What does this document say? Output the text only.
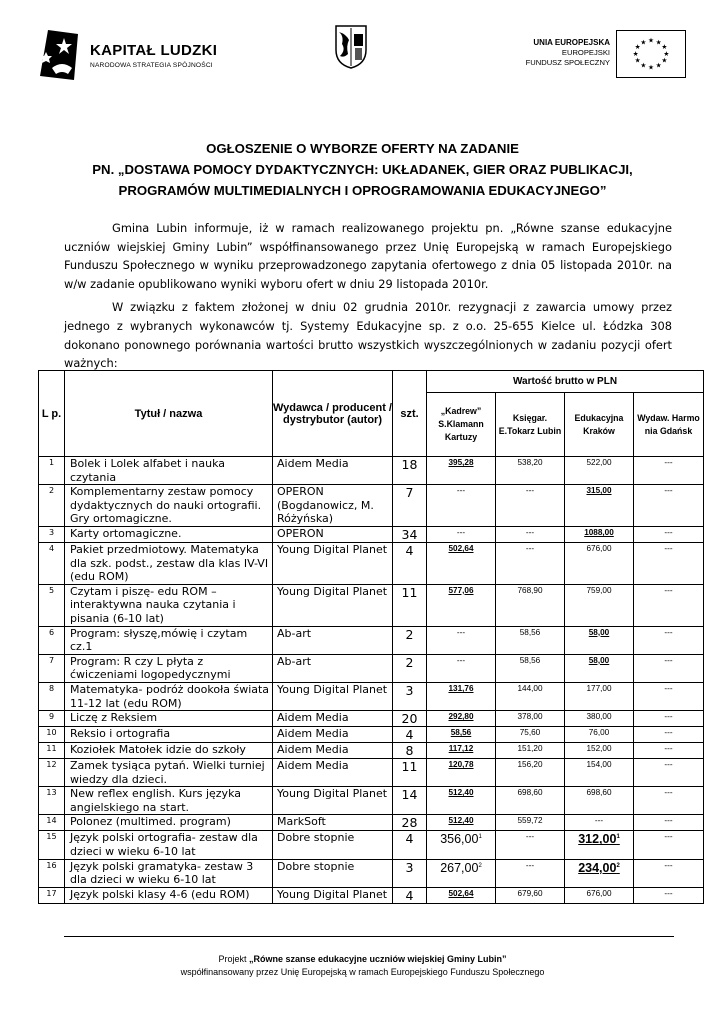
KAPITAŁ LUDZKI
NARODOWA STRATEGIA SPÓJNOŚCI
UNIA EUROPEJSKA
EUROPEJSKI
FUNDUSZ SPOŁECZNY
★ ★
★
★
★
★
★
★
★
★
★
★
OGŁOSZENIE O WYBORZE OFERTY NA ZADANIE
PN. „DOSTAWA POMOCY DYDAKTYCZNYCH: UKŁADANEK, GIER ORAZ PUBLIKACJI,
PROGRAMÓW MULTIMEDIALNYCH I OPROGRAMOWANIA EDUKACYJNEGO”

Gmina Lubin informuje, iż w ramach realizowanego projektu pn. „Równe szanse edukacyjne uczniów wiejskiej Gminy Lubin” współfinansowanego przez Unię Europejską w ramach Europejskiego Funduszu Społecznego w wyniku przeprowadzonego zapytania ofertowego z dnia 05 listopada 2010r. na w/w zadanie opublikowano wyniki wyboru ofert w dniu 29 listopada 2010r.

W związku z faktem złożonej w dniu 02 grudnia 2010r. rezygnacji z zawarcia umowy przez jednego z wybranych wykonawców tj. Systemy Edukacyjne sp. z o.o. 25-655 Kielce ul. Łódzka 308 dokonano ponownego porównania wartości brutto wszystkich wyszczególnionych w zadaniu pozycji ofert ważnych:

L p.	Tytuł / nazwa	Wydawca / producent / dystrybutor (autor)	szt.	Wartość brutto w PLN			
				„Kadrew” S.Klamann Kartuzy	Księgar. E.Tokarz Lubin	Edukacyjna Kraków	Wydaw. Harmo nia Gdańsk
1	Bolek i Lolek alfabet i nauka czytania	Aidem Media	18	395,28	538,20	522,00	---
2	Komplementarny zestaw pomocy dydaktycznych do nauki ortografii. Gry ortomagiczne.	OPERON (Bogdanowicz, M. Różyńska)	7	---	---	315,00	---
3	Karty ortomagiczne.	OPERON	34	---	---	1088,00	---
4	Pakiet przedmiotowy. Matematyka dla szk. podst., zestaw dla klas IV-VI (edu ROM)	Young Digital Planet	4	502,64	---	676,00	---
5	Czytam i piszę- edu ROM – interaktywna nauka czytania i pisania (6-10 lat)	Young Digital Planet	11	577,06	768,90	759,00	---
6	Program: słyszę,mówię i czytam cz.1	Ab-art	2	---	58,56	58,00	---
7	Program: R czy L płyta z ćwiczeniami logopedycznymi	Ab-art	2	---	58,56	58,00	---
8	Matematyka- podróż dookoła świata 11-12 lat (edu ROM)	Young Digital Planet	3	131,76	144,00	177,00	---
9	Liczę z Reksiem	Aidem Media	20	292,80	378,00	380,00	---
10	Reksio i ortografia	Aidem Media	4	58,56	75,60	76,00	---
11	Koziołek Matołek idzie do szkoły	Aidem Media	8	117,12	151,20	152,00	---
12	Zamek tysiąca pytań. Wielki turniej wiedzy dla dzieci.	Aidem Media	11	120,78	156,20	154,00	---
13	New reflex english. Kurs języka angielskiego na start.	Young Digital Planet	14	512,40	698,60	698,60	---
14	Polonez (multimed. program)	MarkSoft	28	512,40	559,72	---	---
15	Język polski ortografia- zestaw dla dzieci w wieku 6-10 lat	Dobre stopnie	4	356,00$^1$	---	312,00$^1$	---
16	Język polski gramatyka- zestaw 3 dla dzieci w wieku 6-10 lat	Dobre stopnie	3	267,00$^2$	---	234,00$^2$	---
17	Język polski klasy 4-6 (edu ROM)	Young Digital Planet	4	502,64	679,60	676,00	---
Projekt „Równe szanse edukacyjne uczniów wiejskiej Gminy Lubin”
współfinansowany przez Unię Europejską w ramach Europejskiego Funduszu Społecznego
